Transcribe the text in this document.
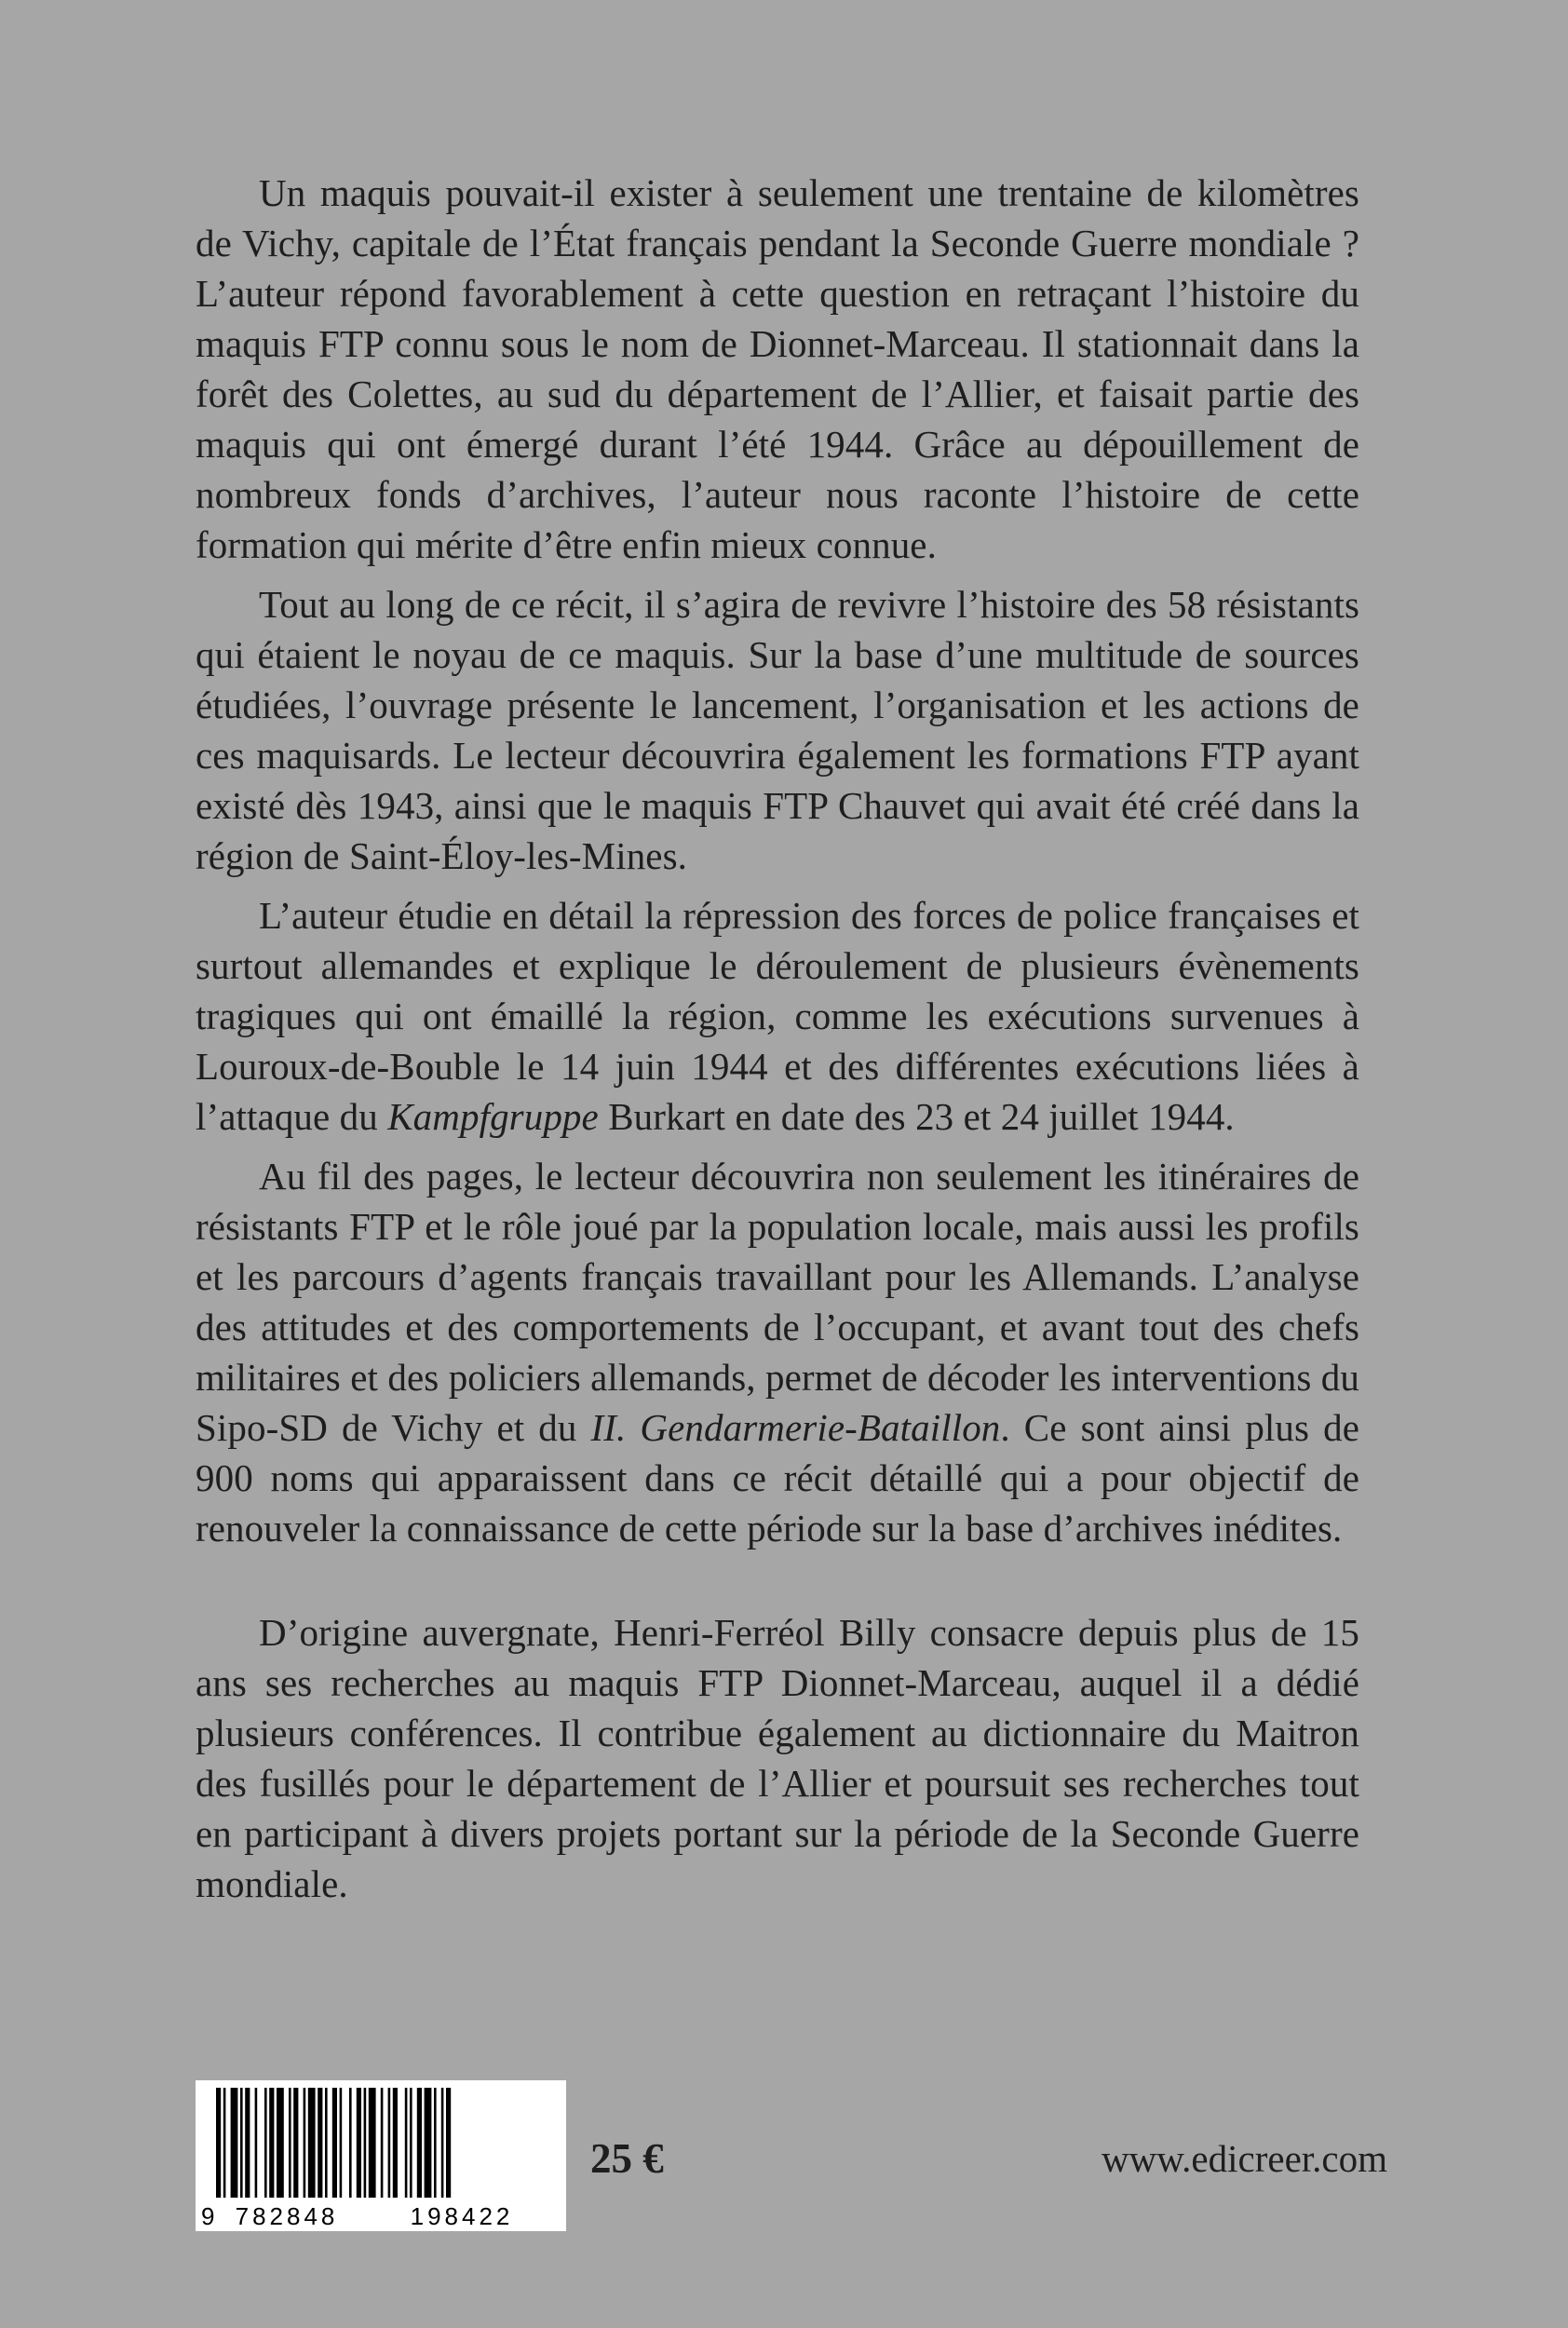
Un maquis pouvait-il exister à seulement une trentaine de kilomètres de Vichy, capitale de l’État français pendant la Seconde Guerre mondiale ? L’auteur répond favorablement à cette question en retraçant l’histoire du maquis FTP connu sous le nom de Dionnet-Marceau. Il stationnait dans la forêt des Colettes, au sud du département de l’Allier, et faisait partie des maquis qui ont émergé durant l’été 1944. Grâce au dépouillement de nombreux fonds d’archives, l’auteur nous raconte l’histoire de cette formation qui mérite d’être enfin mieux connue.

Tout au long de ce récit, il s’agira de revivre l’histoire des 58 résistants qui étaient le noyau de ce maquis. Sur la base d’une multitude de sources étudiées, l’ouvrage présente le lancement, l’organisation et les actions de ces maquisards. Le lecteur découvrira également les formations FTP ayant existé dès 1943, ainsi que le maquis FTP Chauvet qui avait été créé dans la région de Saint-Éloy-les-Mines.

L’auteur étudie en détail la répression des forces de police françaises et surtout allemandes et explique le déroulement de plusieurs évènements tragiques qui ont émaillé la région, comme les exécutions survenues à Louroux-de-Bouble le 14 juin 1944 et des différentes exécutions liées à l’attaque du Kampfgruppe Burkart en date des 23 et 24 juillet 1944.

Au fil des pages, le lecteur découvrira non seulement les itinéraires de résistants FTP et le rôle joué par la population locale, mais aussi les profils et les parcours d’agents français travaillant pour les Allemands. L’analyse des attitudes et des comportements de l’occupant, et avant tout des chefs militaires et des policiers allemands, permet de décoder les interventions du Sipo-SD de Vichy et du II. Gendarmerie-Bataillon. Ce sont ainsi plus de 900 noms qui apparaissent dans ce récit détaillé qui a pour objectif de renouveler la connaissance de cette période sur la base d’archives inédites.

D’origine auvergnate, Henri-Ferréol Billy consacre depuis plus de 15 ans ses recherches au maquis FTP Dionnet-Marceau, auquel il a dédié plusieurs conférences. Il contribue également au dictionnaire du Maitron des fusillés pour le département de l’Allier et poursuit ses recherches tout en participant à divers projets portant sur la période de la Seconde Guerre mondiale.

9 782848	198422
25 €	www.edicreer.com
